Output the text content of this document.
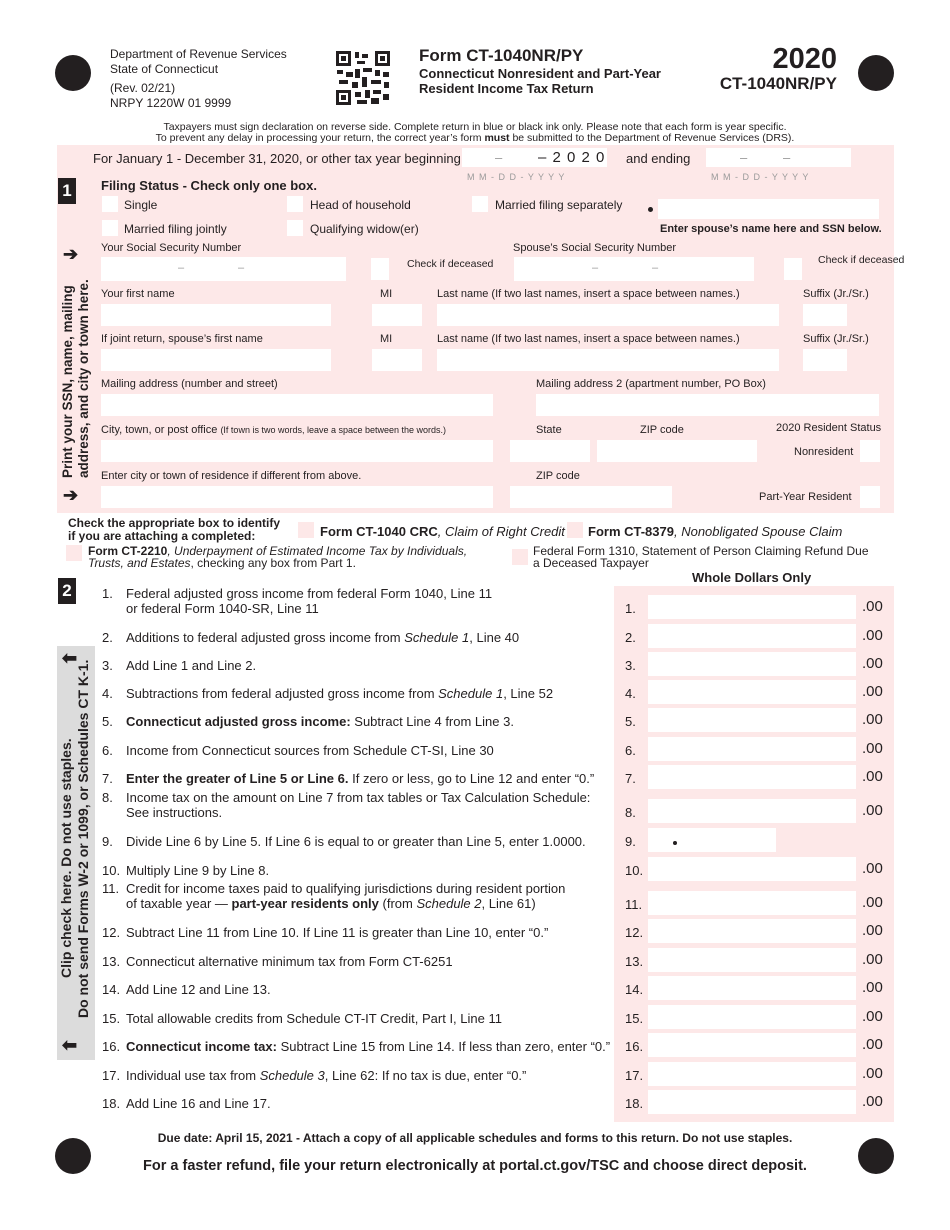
Department of Revenue Services
State of Connecticut
(Rev. 02/21)
NRPY 1220W 01 9999
Form CT-1040NR/PY
Connecticut Nonresident and Part-Year
Resident Income Tax Return
2020
CT-1040NR/PY
Taxpayers must sign declaration on reverse side. Complete return in blue or black ink only. Please note that each form is year specific.
To prevent any delay in processing your return, the correct year’s form must be submitted to the Department of Revenue Services (DRS).
For January 1 - December 31, 2020, or other tax year beginning	– – 2 0 2 0
M M - D D - Y Y Y Y
and ending	–	–
M M - D D - Y Y Y Y
1	Filing Status - Check only one box.
Single	Head of household	Married filing separately
Married filing jointly	Qualifying widow(er)	Enter spouse’s name here and SSN below.
➔
➔
Print your SSN, name, mailing address, and city or town here.
Your Social Security Number
–	–	Check if deceased
Spouse’s Social Security Number
–	–
Check if deceased
Your first name	MI	Last name (If two last names, insert a space between names.)	Suffix (Jr./Sr.)
If joint return, spouse’s first name	MI	Last name (If two last names, insert a space between names.)	Suffix (Jr./Sr.)
Mailing address (number and street)	Mailing address 2 (apartment number, PO Box)
City, town, or post office (If town is two words, leave a space between the words.)	State	ZIP code	2020 Resident Status
Nonresident
Enter city or town of residence if different from above.	ZIP code
Part-Year Resident
Check the appropriate box to identify
if you are attaching a completed:	Form CT-1040 CRC, Claim of Right Credit Form CT-8379, Nonobligated Spouse Claim
Form CT-2210, Underpayment of Estimated Income Tax by Individuals,
Trusts, and Estates, checking any box from Part 1.
Federal Form 1310, Statement of Person Claiming Refund Due
a Deceased Taxpayer
2
Whole Dollars Only
⬅
⬅
Clip check here. Do not use staples. Do not send Forms W-2 or 1099, or Schedules CT K-1.
1. Federal adjusted gross income from federal Form 1040, Line 11
or federal Form 1040-SR, Line 11	1.	.00
2. Additions to federal adjusted gross income from Schedule 1, Line 40	2.	.00
3. Add Line 1 and Line 2.	3.	.00
4. Subtractions from federal adjusted gross income from Schedule 1, Line 52	4.	.00
5. Connecticut adjusted gross income: Subtract Line 4 from Line 3.	5.	.00
6. Income from Connecticut sources from Schedule CT-SI, Line 30	6.	.00
7. Enter the greater of Line 5 or Line 6. If zero or less, go to Line 12 and enter “0.” 7.	.00
8. Income tax on the amount on Line 7 from tax tables or Tax Calculation Schedule:
See instructions.	8.	.00
9. Divide Line 6 by Line 5. If Line 6 is equal to or greater than Line 5, enter 1.0000.	9.
10. Multiply Line 9 by Line 8.	10.	.00
11. Credit for income taxes paid to qualifying jurisdictions during resident portion
of taxable year — part-year residents only (from Schedule 2, Line 61)	11.	.00
12. Subtract Line 11 from Line 10. If Line 11 is greater than Line 10, enter “0.”	12.	.00
13. Connecticut alternative minimum tax from Form CT-6251	13.	.00
14. Add Line 12 and Line 13.	14.	.00
15. Total allowable credits from Schedule CT-IT Credit, Part I, Line 11	15.	.00
16. Connecticut income tax: Subtract Line 15 from Line 14. If less than zero, enter “0.” 16.	.00
17. Individual use tax from Schedule 3, Line 62: If no tax is due, enter “0.”	17.	.00
18. Add Line 16 and Line 17.	18.	.00
Due date: April 15, 2021 - Attach a copy of all applicable schedules and forms to this return. Do not use staples.
For a faster refund, file your return electronically at portal.ct.gov/TSC and choose direct deposit.
